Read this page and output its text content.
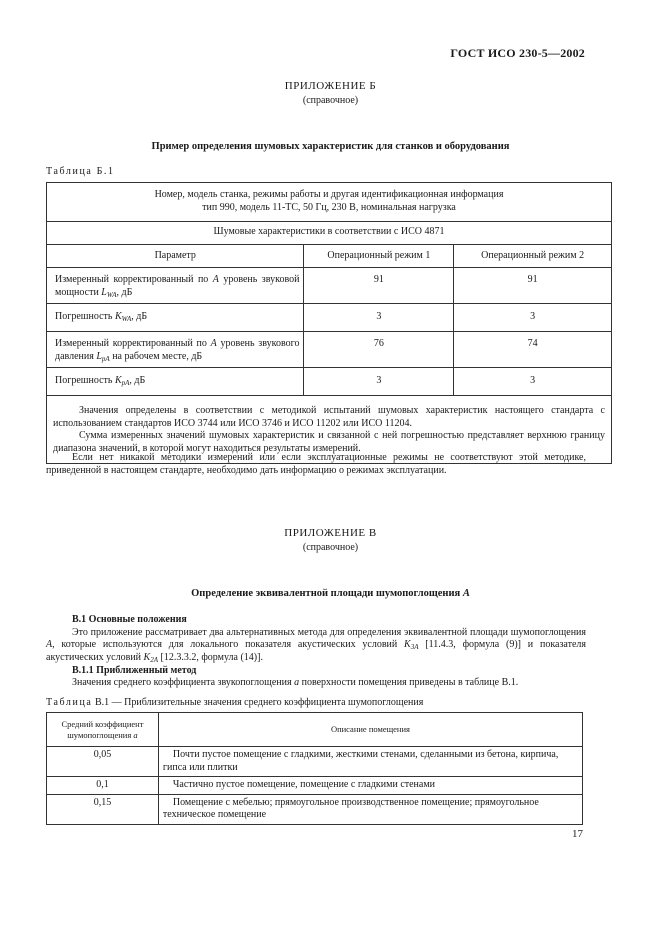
ГОСТ ИСО 230-5—2002
ПРИЛОЖЕНИЕ Б
(справочное)
Пример определения шумовых характеристик для станков и оборудования
Таблица Б.1
Номер, модель станка, режимы работы и другая идентификационная информация
тип 990, модель 11-ТС, 50 Гц, 230 В, номинальная нагрузка		

Шумовые характеристики в соответствии с ИСО 4871		
Параметр	Операционный режим 1	Операционный режим 2
Измеренный корректированный по А уровень звуковой мощности $L_{WA}$, дБ	91	91
Погрешность $K_{WA}$, дБ	3	3
Измеренный корректированный по А уровень звукового давления $L_{pA}$ на рабочем месте, дБ	76	74
Погрешность $K_{pA}$, дБ	3	3

Значения определены в соответствии с методикой испытаний шумовых характеристик настоящего стандарта с использованием стандартов ИСО 3744 или ИСО 3746 и ИСО 11202 или ИСО 11204.
Сумма измеренных значений шумовых характеристик и связанной с ней погрешностью представляет верхнюю границу диапазона значений, в которой могут находиться результаты измерений.		
Если нет никакой методики измерений или если эксплуатационные режимы не соответствуют этой методике, приведенной в настоящем стандарте, необходимо дать информацию о режимах эксплуатации.
ПРИЛОЖЕНИЕ В
(справочное)
Определение эквивалентной площади шумопоглощения А
В.1 Основные положения
Это приложение рассматривает два альтернативных метода для определения эквивалентной площади шумопоглощения А, которые используются для локального показателя акустических условий $K_{3A}$ [11.4.3, формула (9)] и показателя акустических условий $K_{2A}$ [12.3.3.2, формула (14)].
В.1.1 Приближенный метод
Значения среднего коэффициента звукопоглощения а поверхности помещения приведены в таблице В.1.
Таблица В.1 — Приблизительные значения среднего коэффициента шумопоглощения
Средний коэффициент
шумопоглощения а	Описание помещения
0,05	Почти пустое помещение с гладкими, жесткими стенами, сделанными из бетона, кирпича, гипса или плитки
0,1	Частично пустое помещение, помещение с гладкими стенами
0,15	Помещение с мебелью; прямоугольное производственное помещение; прямоугольное техническое помещение
17
